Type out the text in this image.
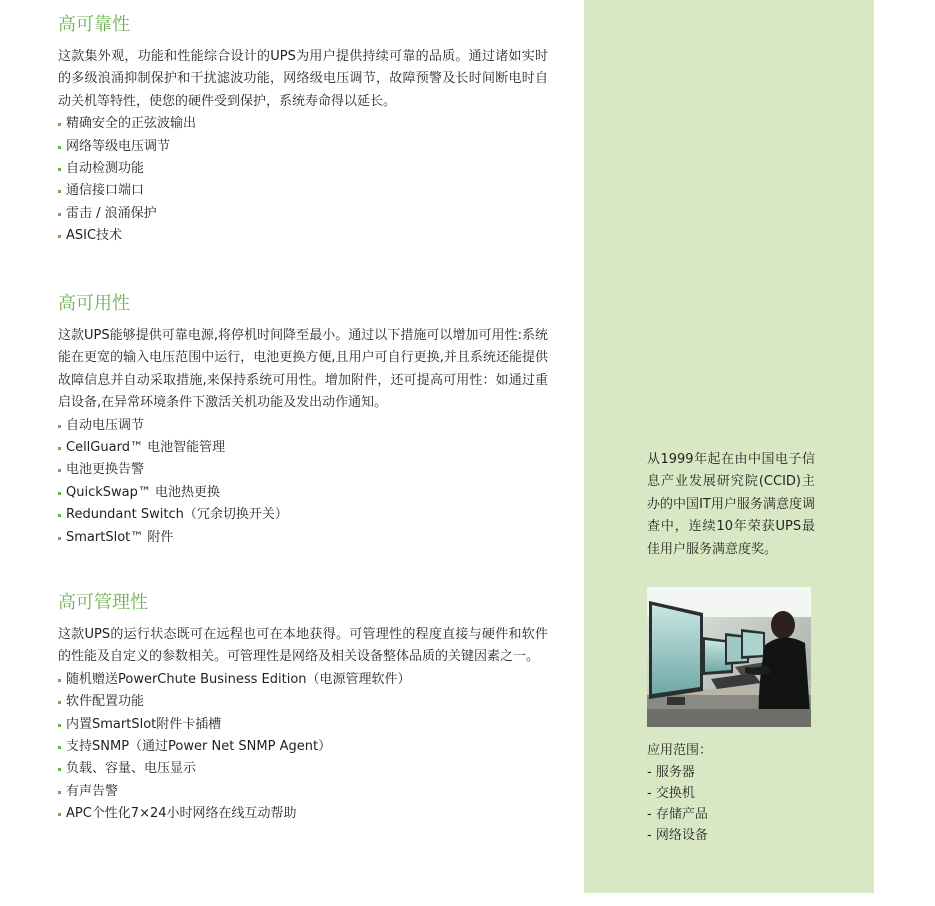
高可靠性

这款集外观，功能和性能综合设计的UPS为用户提供持续可靠的品质。通过诸如实时的多级浪涌抑制保护和干扰滤波功能，网络级电压调节，故障预警及长时间断电时自动关机等特性，使您的硬件受到保护，系统寿命得以延长。

精确安全的正弦波输出
网络等级电压调节
自动检测功能
通信接口端口
雷击 / 浪涌保护
ASIC技术
高可用性

这款UPS能够提供可靠电源,将停机时间降至最小。通过以下措施可以增加可用性:系统能在更宽的输入电压范围中运行，电池更换方便,且用户可自行更换,并且系统还能提供故障信息并自动采取措施,来保持系统可用性。增加附件，还可提高可用性：如通过重启设备,在异常环境条件下激活关机功能及发出动作通知。

自动电压调节
CellGuard™ 电池智能管理
电池更换告警
QuickSwap™ 电池热更换
Redundant Switch（冗余切换开关）
SmartSlot™ 附件
高可管理性

这款UPS的运行状态既可在远程也可在本地获得。可管理性的程度直接与硬件和软件的性能及自定义的参数相关。可管理性是网络及相关设备整体品质的关键因素之一。

随机赠送PowerChute Business Edition（电源管理软件）
软件配置功能
内置SmartSlot附件卡插槽
支持SNMP（通过Power Net SNMP Agent）
负载、容量、电压显示
有声告警
APC个性化7×24小时网络在线互动帮助

从1999年起在由中国电子信息产业发展研究院(CCID)主办的中国IT用户服务满意度调查中，连续10年荣获UPS最佳用户服务满意度奖。

应用范围：

- 服务器
- 交换机
- 存储产品
- 网络设备
